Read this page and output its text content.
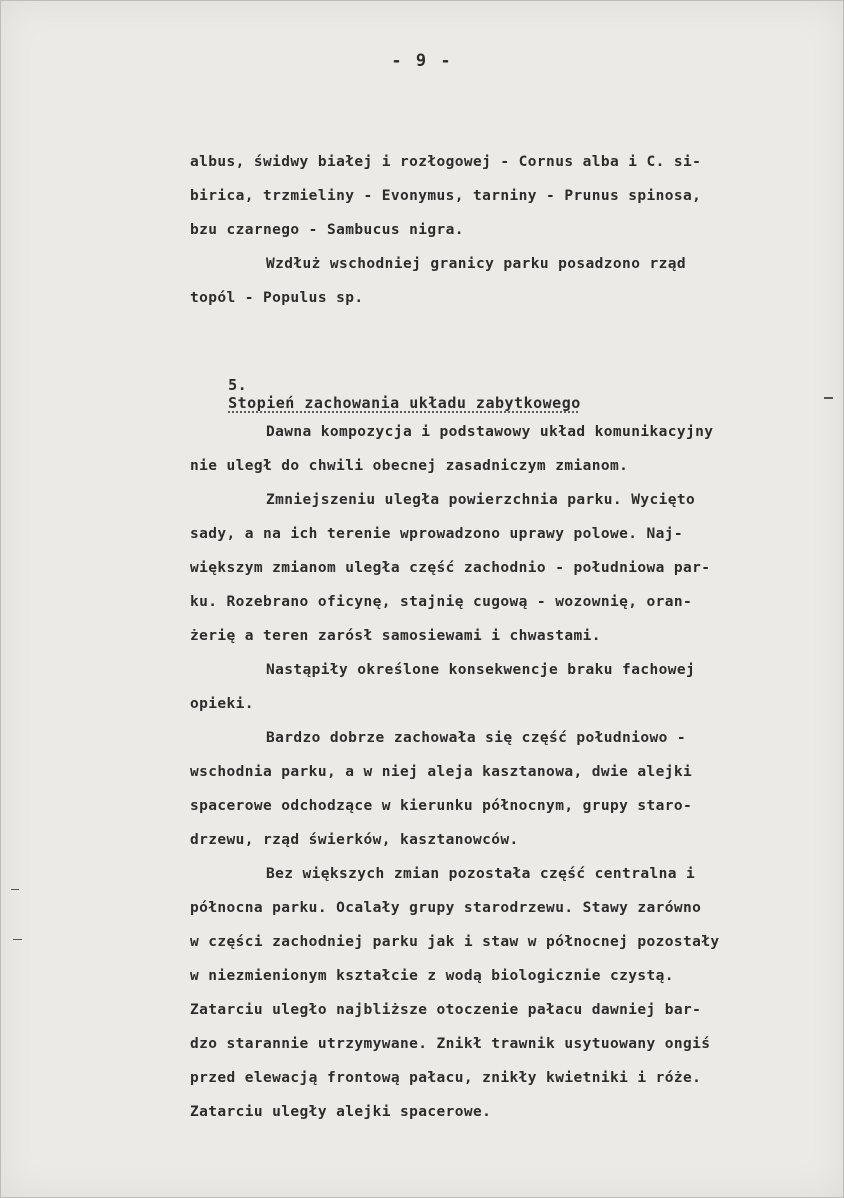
- 9 -
albus, świdwy białej i rozłogowej - Cornus alba i C. si-
birica, trzmieliny - Evonymus, tarniny - Prunus spinosa,
bzu czarnego - Sambucus nigra.
Wzdłuż wschodniej granicy parku posadzono rząd
topól - Populus sp.

5.
Stopień zachowania układu zabytkowego

Dawna kompozycja i podstawowy układ komunikacyjny
nie uległ do chwili obecnej zasadniczym zmianom.
Zmniejszeniu uległa powierzchnia parku. Wycięto
sady, a na ich terenie wprowadzono uprawy polowe. Naj-
większym zmianom uległa część zachodnio - południowa par-
ku. Rozebrano oficynę, stajnię cugową - wozownię, oran-
żerię a teren zarósł samosiewami i chwastami.
Nastąpiły określone konsekwencje braku fachowej
opieki.
Bardzo dobrze zachowała się część południowo -
wschodnia parku, a w niej aleja kasztanowa, dwie alejki
spacerowe odchodzące w kierunku północnym, grupy staro-
drzewu, rząd świerków, kasztanowców.
Bez większych zmian pozostała część centralna i
północna parku. Ocalały grupy starodrzewu. Stawy zarówno
w części zachodniej parku jak i staw w północnej pozostały
w niezmienionym kształcie z wodą biologicznie czystą.
Zatarciu uległo najbliższe otoczenie pałacu dawniej bar-
dzo starannie utrzymywane. Znikł trawnik usytuowany ongiś
przed elewacją frontową pałacu, znikły kwietniki i róże.
Zatarciu uległy alejki spacerowe.
